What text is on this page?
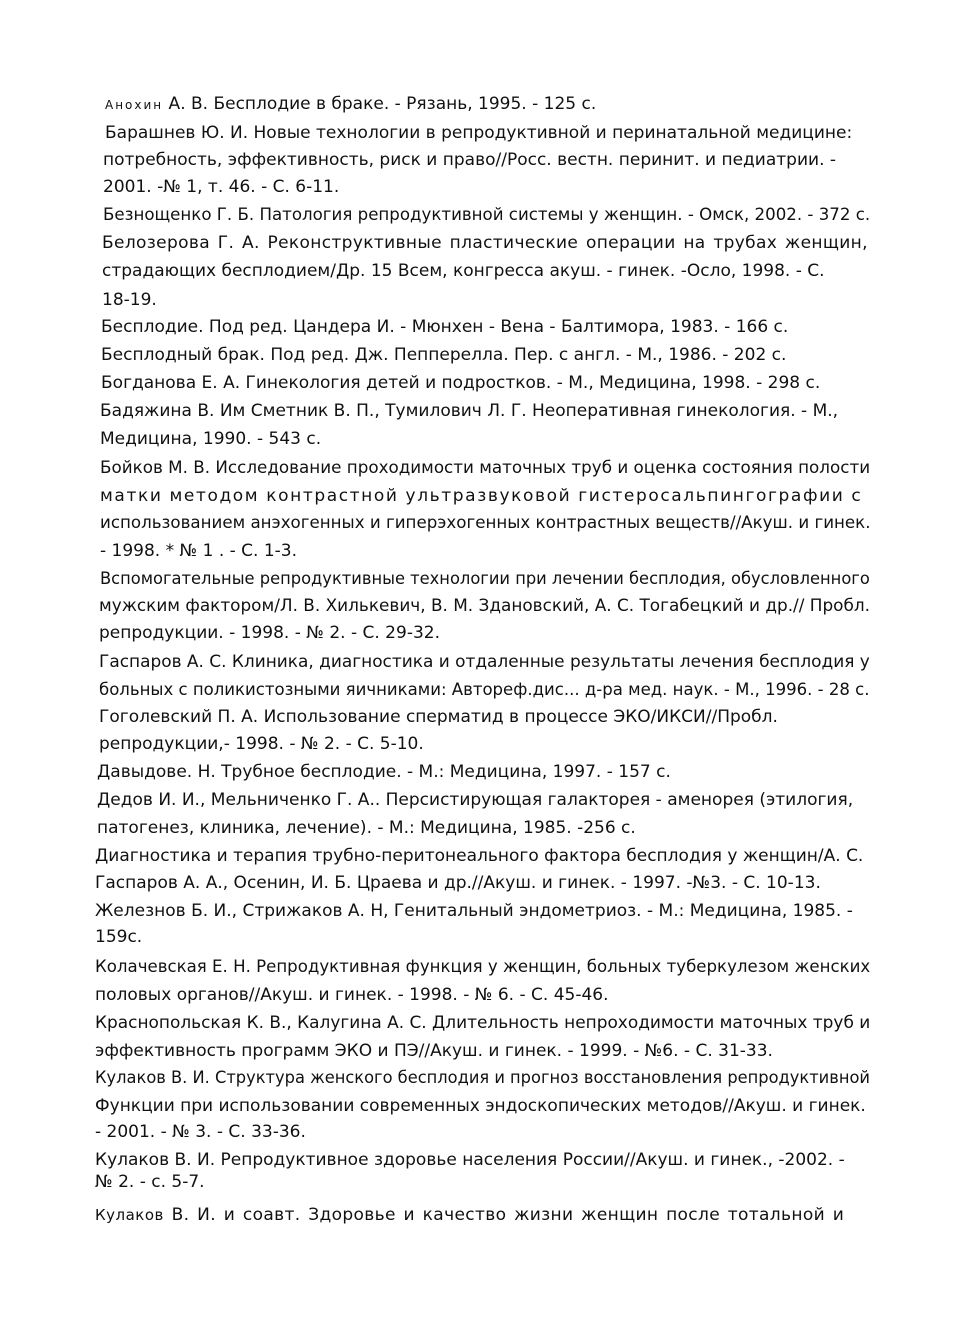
Анохин А. В. Бесплодие в браке. - Рязань, 1995. - 125 с.
Барашнев Ю. И. Новые технологии в репродуктивной и перинатальной медицине:
потребность, эффективность, риск и право//Росс. вестн. перинит. и педиатрии. -
2001. -№ 1, т. 46. - С. 6-11.
Безнощенко Г. Б. Патология репродуктивной системы у женщин. - Омск, 2002. - 372 с.
Белозерова Г. А. Реконструктивные пластические операции на трубах женщин,
страдающих бесплодием/Др. 15 Всем, конгресса акуш. - гинек. -Осло, 1998. - С.
18-19.
Бесплодие. Под ред. Цандера И. - Мюнхен - Вена - Балтимора, 1983. - 166 с.
Бесплодный брак. Под ред. Дж. Пепперелла. Пер. с англ. - М., 1986. - 202 с.
Богданова Е. А. Гинекология детей и подростков. - М., Медицина, 1998. - 298 с.
Бадяжина В. Им Сметник В. П., Тумилович Л. Г. Неоперативная гинекология. - М.,
Медицина, 1990. - 543 с.
Бойков М. В. Исследование проходимости маточных труб и оценка состояния полости
матки методом контрастной ультразвуковой гистеросальпингографии с
использованием анэхогенных и гиперэхогенных контрастных веществ//Акуш. и гинек.
- 1998. * № 1 . - С. 1-3.
Вспомогательные репродуктивные технологии при лечении бесплодия, обусловленного
мужским фактором/Л. В. Хилькевич, В. М. Здановский, А. С. Тогабецкий и др.// Пробл.
репродукции. - 1998. - № 2. - С. 29-32.
Гаспаров А. С. Клиника, диагностика и отдаленные результаты лечения бесплодия у
больных с поликистозными яичниками: Автореф.дис... д-ра мед. наук. - М., 1996. - 28 с.
Гоголевский П. А. Использование сперматид в процессе ЭКО/ИКСИ//Пробл.
репродукции,- 1998. - № 2. - С. 5-10.
Давыдове. Н. Трубное бесплодие. - М.: Медицина, 1997. - 157 с.
Дедов И. И., Мельниченко Г. А.. Персистирующая галакторея - аменорея (этилогия,
патогенез, клиника, лечение). - М.: Медицина, 1985. -256 с.
Диагностика и терапия трубно-перитонеального фактора бесплодия у женщин/А. С.
Гаспаров А. А., Осенин, И. Б. Цраева и др.//Акуш. и гинек. - 1997. -№3. - С. 10-13.
Железнов Б. И., Стрижаков А. Н, Генитальный эндометриоз. - М.: Медицина, 1985. -
159с.
Колачевская Е. Н. Репродуктивная функция у женщин, больных туберкулезом женских
половых органов//Акуш. и гинек. - 1998. - № 6. - С. 45-46.
Краснопольская К. В., Калугина А. С. Длительность непроходимости маточных труб и
эффективность программ ЭКО и ПЭ//Акуш. и гинек. - 1999. - №6. - С. 31-33.
Кулаков В. И. Структура женского бесплодия и прогноз восстановления репродуктивной
Функции при использовании современных эндоскопических методов//Акуш. и гинек.
- 2001. - № 3. - С. 33-36.
Кулаков В. И. Репродуктивное здоровье населения России//Акуш. и гинек., -2002. -
№ 2. - с. 5-7.
Кулаков В. И. и соавт. Здоровье и качество жизни женщин после тотальной и
